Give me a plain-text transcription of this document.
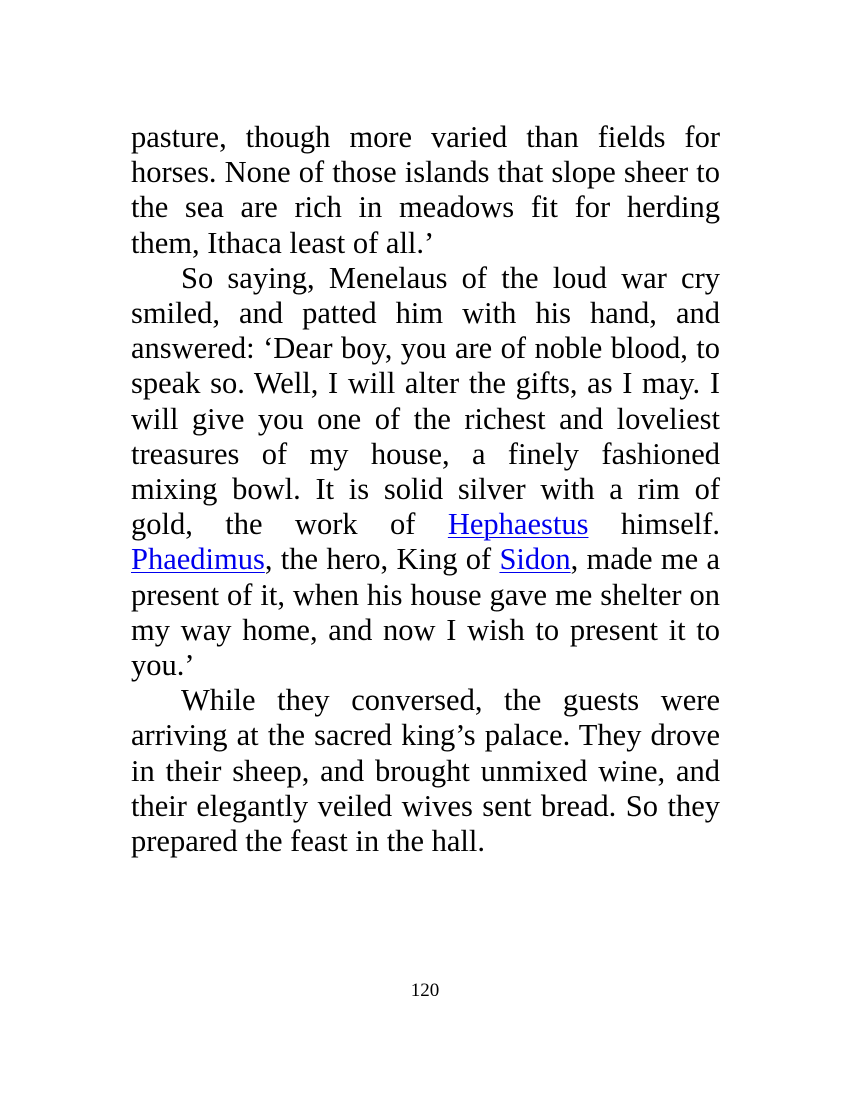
pasture, though more varied than fields for horses. None of those islands that slope sheer to the sea are rich in meadows fit for herding them, Ithaca least of all.’

So saying, Menelaus of the loud war cry smiled, and patted him with his hand, and answered: ‘Dear boy, you are of noble blood, to speak so. Well, I will alter the gifts, as I may. I will give you one of the richest and loveliest treasures of my house, a finely fashioned mixing bowl. It is solid silver with a rim of gold, the work of Hephaestus himself. Phaedimus, the hero, King of Sidon, made me a present of it, when his house gave me shelter on my way home, and now I wish to present it to you.’

While they conversed, the guests were arriving at the sacred king’s palace. They drove in their sheep, and brought unmixed wine, and their elegantly veiled wives sent bread. So they prepared the feast in the hall.

120
